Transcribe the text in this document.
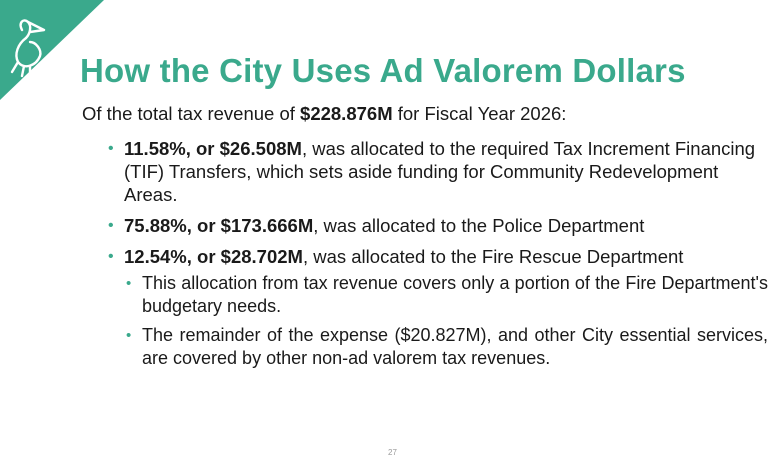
How the City Uses Ad Valorem Dollars
Of the total tax revenue of $228.876M for Fiscal Year 2026:
• 11.58%, or $26.508M, was allocated to the required Tax Increment Financing (TIF) Transfers, which sets aside funding for Community Redevelopment Areas.
• 75.88%, or $173.666M, was allocated to the Police Department
• 12.54%, or $28.702M, was allocated to the Fire Rescue Department
• This allocation from tax revenue covers only a portion of the Fire Department's budgetary needs.
• The remainder of the expense ($20.827M), and other City essential services, are covered by other non-ad valorem tax revenues.
27
